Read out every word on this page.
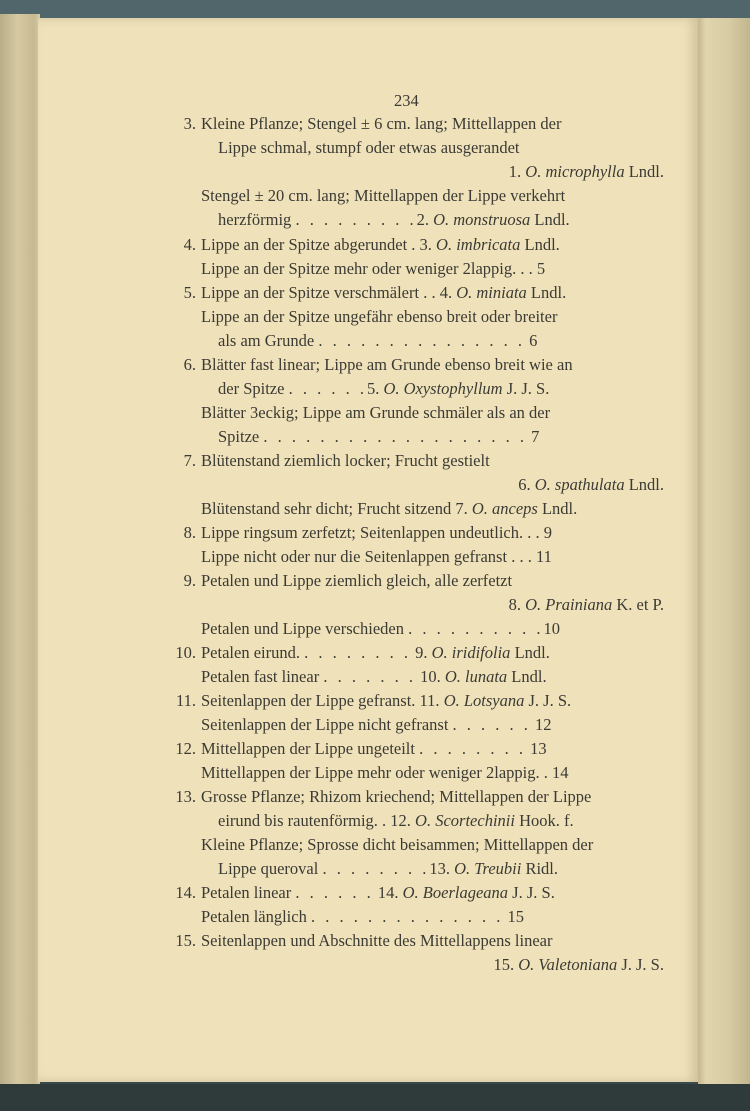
234
3. Kleine Pflanze; Stengel ± 6 cm. lang; Mittellappen der
Lippe schmal, stumpf oder etwas ausgerandet
1. O. microphylla Lndl.
Stengel ± 20 cm. lang; Mittellappen der Lippe verkehrt
herzförmig . . . . . . . . .2. O. monstruosa Lndl.
4. Lippe an der Spitze abgerundet . 3. O. imbricata Lndl.
Lippe an der Spitze mehr oder weniger 2lappig. . . 5
5. Lippe an der Spitze verschmälert . . 4. O. miniata Lndl.
Lippe an der Spitze ungefähr ebenso breit oder breiter
als am Grunde . . . . . . . . . . . . . . . 6
6. Blätter fast linear; Lippe am Grunde ebenso breit wie an
der Spitze . . . . . .5. O. Oxystophyllum J. J. S.
Blätter 3eckig; Lippe am Grunde schmäler als an der
Spitze . . . . . . . . . . . . . . . . . . . 7
7. Blütenstand ziemlich locker; Frucht gestielt
6. O. spathulata Lndl.
Blütenstand sehr dicht; Frucht sitzend 7. O. anceps Lndl.
8. Lippe ringsum zerfetzt; Seitenlappen undeutlich. . . 9
Lippe nicht oder nur die Seitenlappen gefranst . . . 11
9. Petalen und Lippe ziemlich gleich, alle zerfetzt
8. O. Prainiana K. et P.
Petalen und Lippe verschieden . . . . . . . . . .10
10. Petalen eirund. . . . . . . . . 9. O. iridifolia Lndl.
Petalen fast linear . . . . . . . 10. O. lunata Lndl.
11. Seitenlappen der Lippe gefranst. 11. O. Lotsyana J. J. S.
Seitenlappen der Lippe nicht gefranst . . . . . . 12
12. Mittellappen der Lippe ungeteilt . . . . . . . . 13
Mittellappen der Lippe mehr oder weniger 2lappig. . 14
13. Grosse Pflanze; Rhizom kriechend; Mittellappen der Lippe
eirund bis rautenförmig. . 12. O. Scortechinii Hook. f.
Kleine Pflanze; Sprosse dicht beisammen; Mittellappen der
Lippe queroval . . . . . . . .13. O. Treubii Ridl.
14. Petalen linear . . . . . . 14. O. Boerlageana J. J. S.
Petalen länglich . . . . . . . . . . . . . . 15
15. Seitenlappen und Abschnitte des Mittellappens linear
15. O. Valetoniana J. J. S.
